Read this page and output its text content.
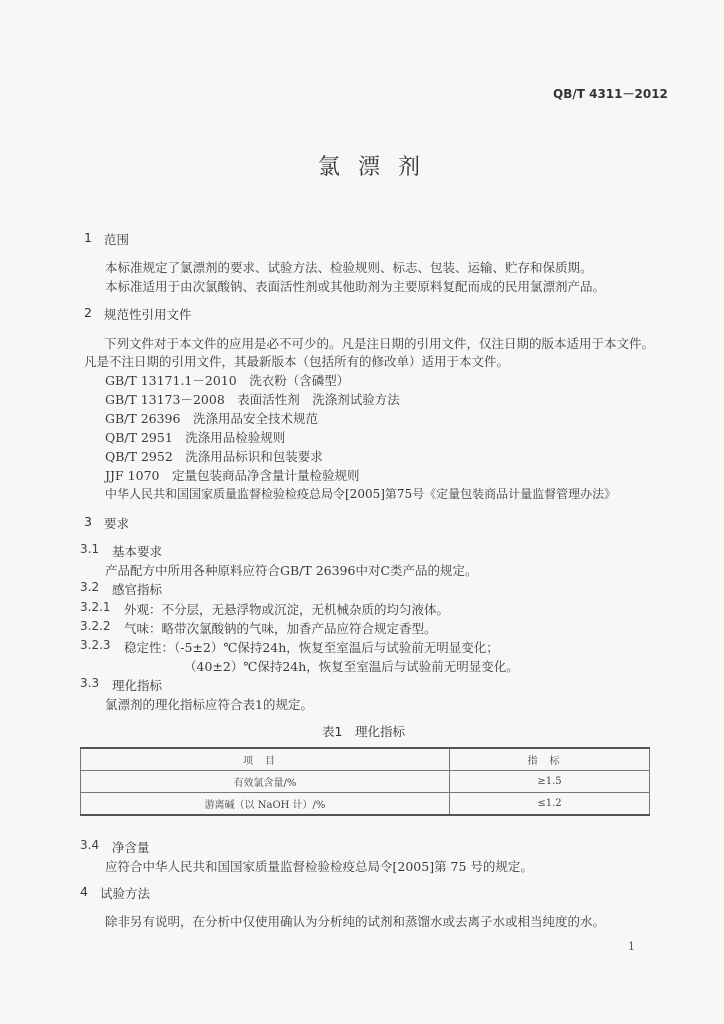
QB/T 4311－2012
氯漂剂
1 范围
本标准规定了氯漂剂的要求、试验方法、检验规则、标志、包装、运输、贮存和保质期。
本标准适用于由次氯酸钠、表面活性剂或其他助剂为主要原料复配而成的民用氯漂剂产品。
2 规范性引用文件
下列文件对于本文件的应用是必不可少的。凡是注日期的引用文件，仅注日期的版本适用于本文件。
凡是不注日期的引用文件，其最新版本（包括所有的修改单）适用于本文件。
GB/T 13171.1－2010　洗衣粉（含磷型）
GB/T 13173－2008　表面活性剂　洗涤剂试验方法
GB/T 26396　洗涤用品安全技术规范
QB/T 2951　洗涤用品检验规则
QB/T 2952　洗涤用品标识和包装要求
JJF 1070　定量包装商品净含量计量检验规则
中华人民共和国国家质量监督检验检疫总局令[2005]第75号《定量包装商品计量监督管理办法》
3 要求
3.1 基本要求
产品配方中所用各种原料应符合GB/T 26396中对C类产品的规定。
3.2 感官指标
3.2.1 外观：不分层，无悬浮物或沉淀，无机械杂质的均匀液体。
3.2.2 气味：略带次氯酸钠的气味，加香产品应符合规定香型。
3.2.3 稳定性：（-5±2）℃保持24h，恢复至室温后与试验前无明显变化；
（40±2）℃保持24h，恢复至室温后与试验前无明显变化。
3.3 理化指标
氯漂剂的理化指标应符合表1的规定。
表1　理化指标
项目	指标
有效氯含量/%	≥1.5
游离碱（以 NaOH 计）/%	≤1.2
3.4 净含量
应符合中华人民共和国国家质量监督检验检疫总局令[2005]第 75 号的规定。
4 试验方法
除非另有说明，在分析中仅使用确认为分析纯的试剂和蒸馏水或去离子水或相当纯度的水。
1
